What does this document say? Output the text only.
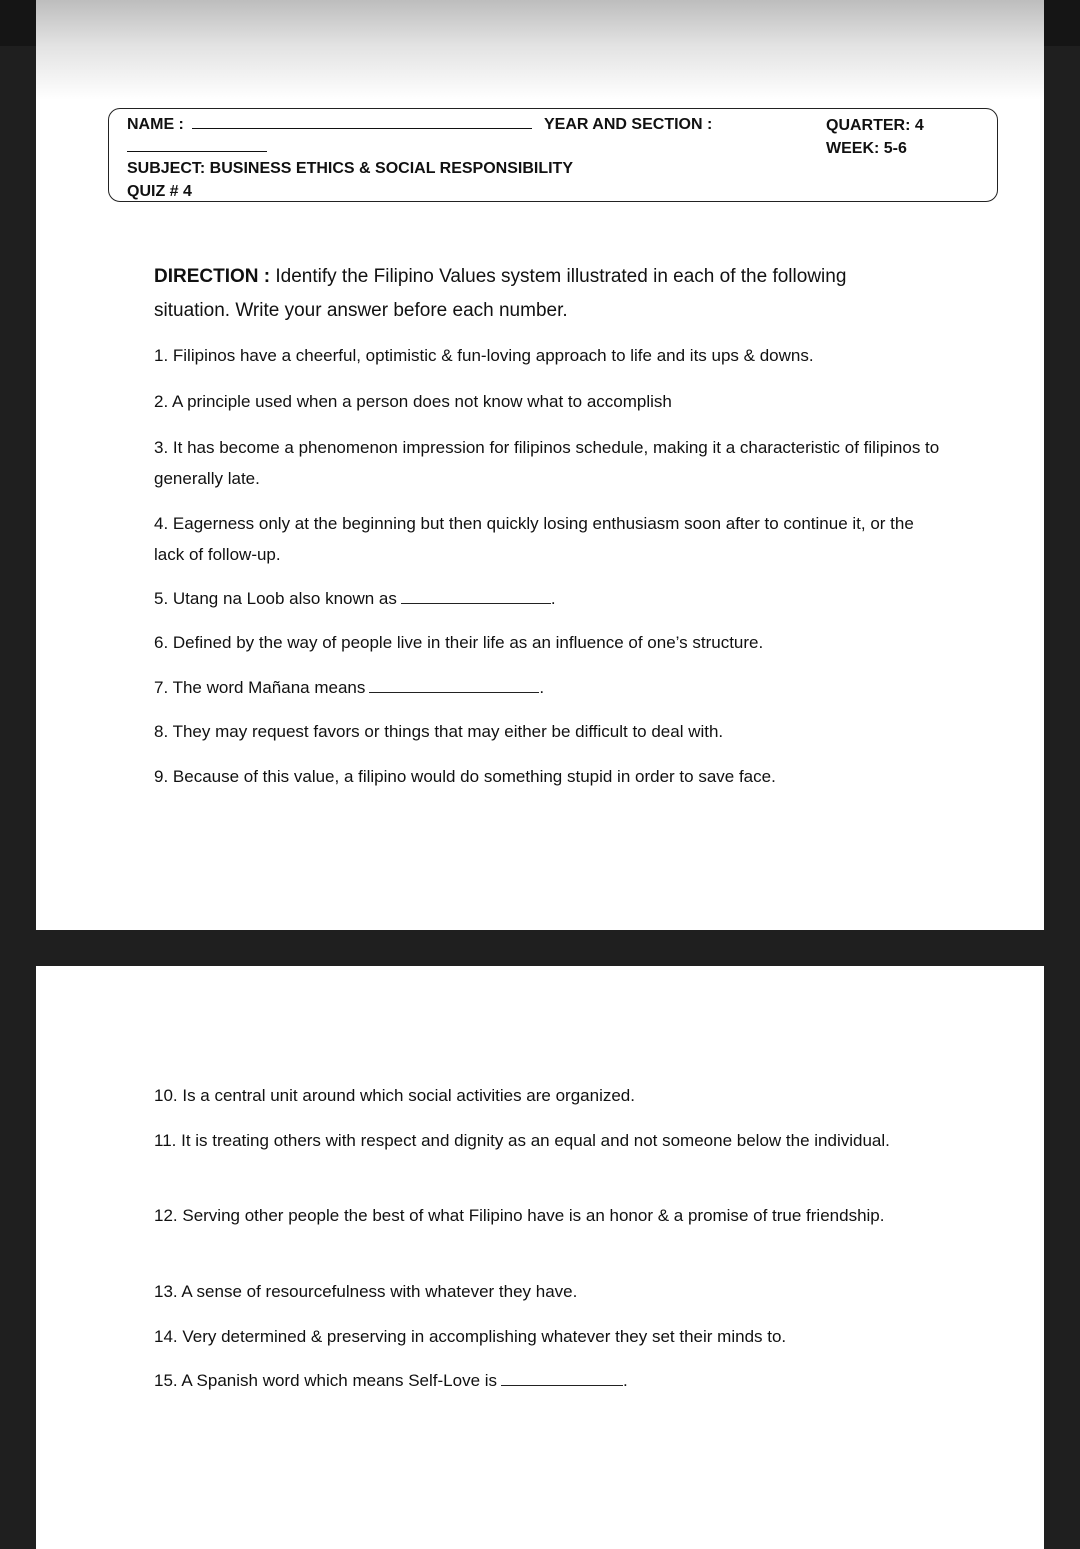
NAME :	YEAR AND SECTION :	QUARTER: 4
WEEK: 5-6
SUBJECT: BUSINESS ETHICS & SOCIAL RESPONSIBILITY
QUIZ # 4
DIRECTION : Identify the Filipino Values system illustrated in each of the following situation. Write your answer before each number.
1. Filipinos have a cheerful, optimistic & fun-loving approach to life and its ups & downs.
2. A principle used when a person does not know what to accomplish
3. It has become a phenomenon impression for filipinos schedule, making it a characteristic of filipinos to generally late.
4. Eagerness only at the beginning but then quickly losing enthusiasm soon after to continue it, or the lack of follow-up.
5. Utang na Loob also known as	.
6. Defined by the way of people live in their life as an influence of one’s structure.
7. The word Mañana means	.
8. They may request favors or things that may either be difficult to deal with.
9. Because of this value, a filipino would do something stupid in order to save face.
10. Is a central unit around which social activities are organized.
11. It is treating others with respect and dignity as an equal and not someone below the individual.
12. Serving other people the best of what Filipino have is an honor & a promise of true friendship.
13. A sense of resourcefulness with whatever they have.
14. Very determined & preserving in accomplishing whatever they set their minds to.
15. A Spanish word which means Self-Love is	.
